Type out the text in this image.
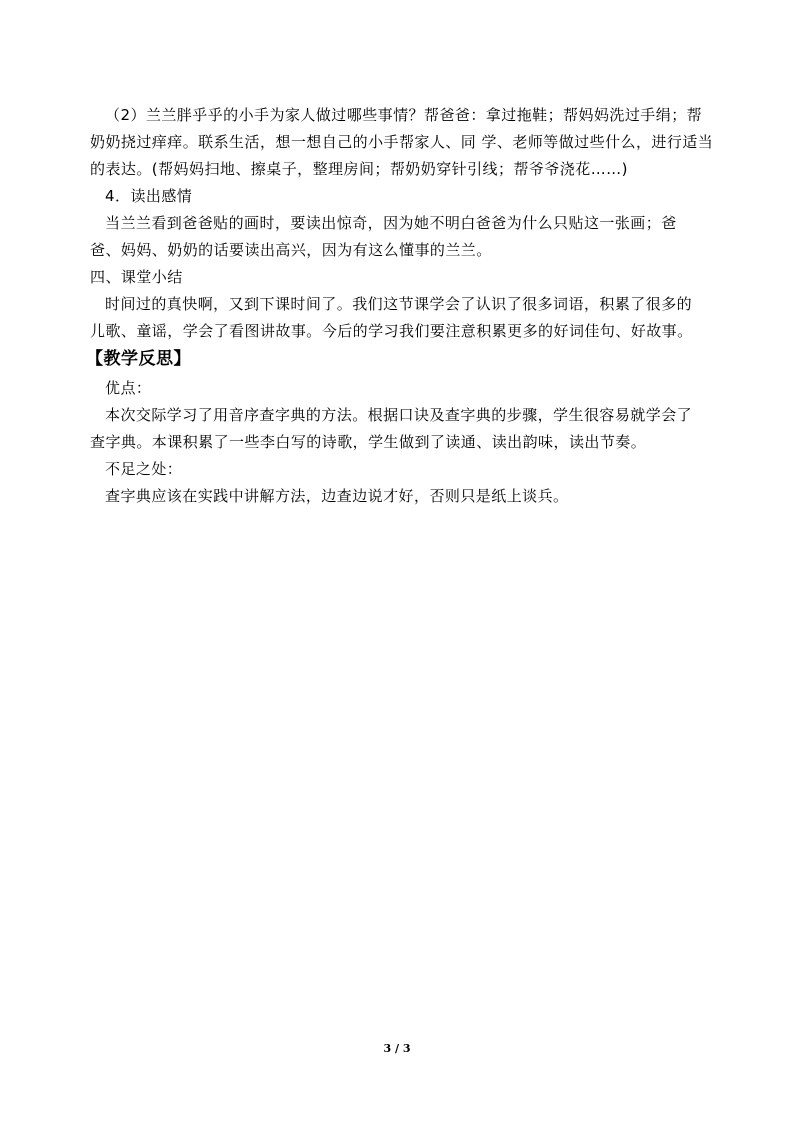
（2）兰兰胖乎乎的小手为家人做过哪些事情？帮爸爸：拿过拖鞋；帮妈妈洗过手绢；帮
奶奶挠过痒痒。联系生活，想一想自己的小手帮家人、同 学、老师等做过些什么，进行适当
的表达。(帮妈妈扫地、擦桌子，整理房间；帮奶奶穿针引线；帮爷爷浇花……)
4．读出感情
当兰兰看到爸爸贴的画时，要读出惊奇，因为她不明白爸爸为什么只贴这一张画；爸
爸、妈妈、奶奶的话要读出高兴，因为有这么懂事的兰兰。
四、课堂小结
时间过的真快啊，又到下课时间了。我们这节课学会了认识了很多词语，积累了很多的
儿歌、童谣，学会了看图讲故事。今后的学习我们要注意积累更多的好词佳句、好故事。
【教学反思】
优点：
本次交际学习了用音序查字典的方法。根据口诀及查字典的步骤，学生很容易就学会了
查字典。本课积累了一些李白写的诗歌，学生做到了读通、读出韵味，读出节奏。
不足之处：
查字典应该在实践中讲解方法，边查边说才好，否则只是纸上谈兵。
3 / 3
